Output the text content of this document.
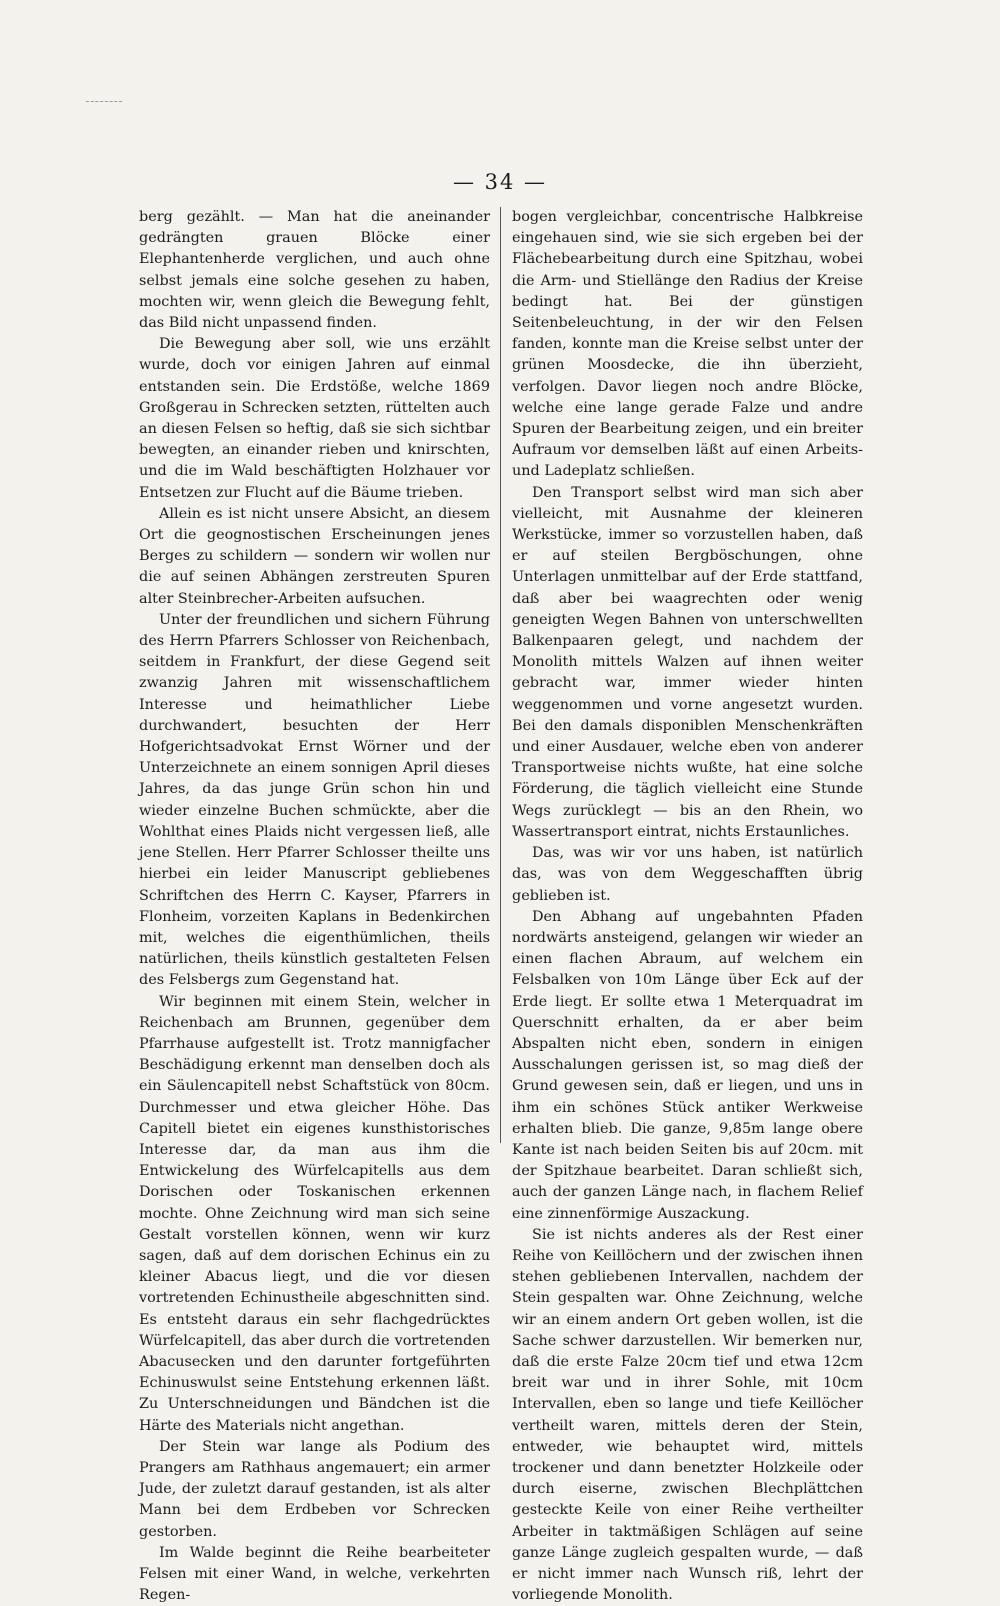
— 34 —

berg gezählt. — Man hat die aneinander gedrängten grauen Blöcke einer Elephantenherde verglichen, und auch ohne selbst jemals eine solche gesehen zu haben, mochten wir, wenn gleich die Bewegung fehlt, das Bild nicht unpassend finden.

Die Bewegung aber soll, wie uns erzählt wurde, doch vor einigen Jahren auf einmal entstanden sein. Die Erdstöße, welche 1869 Großgerau in Schrecken setzten, rüttelten auch an diesen Felsen so heftig, daß sie sich sichtbar bewegten, an einander rieben und knirschten, und die im Wald beschäftigten Holzhauer vor Entsetzen zur Flucht auf die Bäume trieben.

Allein es ist nicht unsere Absicht, an diesem Ort die geognostischen Erscheinungen jenes Berges zu schildern — sondern wir wollen nur die auf seinen Abhängen zerstreuten Spuren alter Steinbrecher-Arbeiten aufsuchen.

Unter der freundlichen und sichern Führung des Herrn Pfarrers Schlosser von Reichenbach, seitdem in Frankfurt, der diese Gegend seit zwanzig Jahren mit wissenschaftlichem Interesse und heimathlicher Liebe durchwandert, besuchten der Herr Hofgerichtsadvokat Ernst Wörner und der Unterzeichnete an einem sonnigen April dieses Jahres, da das junge Grün schon hin und wieder einzelne Buchen schmückte, aber die Wohlthat eines Plaids nicht vergessen ließ, alle jene Stellen. Herr Pfarrer Schlosser theilte uns hierbei ein leider Manuscript gebliebenes Schriftchen des Herrn C. Kayser, Pfarrers in Flonheim, vorzeiten Kaplans in Bedenkirchen mit, welches die eigenthümlichen, theils natürlichen, theils künstlich gestalteten Felsen des Felsbergs zum Gegenstand hat.

Wir beginnen mit einem Stein, welcher in Reichenbach am Brunnen, gegenüber dem Pfarrhause aufgestellt ist. Trotz mannigfacher Beschädigung erkennt man denselben doch als ein Säulencapitell nebst Schaftstück von 80cm. Durchmesser und etwa gleicher Höhe. Das Capitell bietet ein eigenes kunsthistorisches Interesse dar, da man aus ihm die Entwickelung des Würfelcapitells aus dem Dorischen oder Toskanischen erkennen mochte. Ohne Zeichnung wird man sich seine Gestalt vorstellen können, wenn wir kurz sagen, daß auf dem dorischen Echinus ein zu kleiner Abacus liegt, und die vor diesen vortretenden Echinustheile abgeschnitten sind. Es entsteht daraus ein sehr flachgedrücktes Würfelcapitell, das aber durch die vortretenden Abacusecken und den darunter fortgeführten Echinuswulst seine Entstehung erkennen läßt. Zu Unterschneidungen und Bändchen ist die Härte des Materials nicht angethan.

Der Stein war lange als Podium des Prangers am Rathhaus angemauert; ein armer Jude, der zuletzt darauf gestanden, ist als alter Mann bei dem Erdbeben vor Schrecken gestorben.

Im Walde beginnt die Reihe bearbeiteter Felsen mit einer Wand, in welche, verkehrten Regen-

bogen vergleichbar, concentrische Halbkreise eingehauen sind, wie sie sich ergeben bei der Flächebearbeitung durch eine Spitzhau, wobei die Arm- und Stiellänge den Radius der Kreise bedingt hat. Bei der günstigen Seitenbeleuchtung, in der wir den Felsen fanden, konnte man die Kreise selbst unter der grünen Moosdecke, die ihn überzieht, verfolgen. Davor liegen noch andre Blöcke, welche eine lange gerade Falze und andre Spuren der Bearbeitung zeigen, und ein breiter Aufraum vor demselben läßt auf einen Arbeits- und Ladeplatz schließen.

Den Transport selbst wird man sich aber vielleicht, mit Ausnahme der kleineren Werkstücke, immer so vorzustellen haben, daß er auf steilen Bergböschungen, ohne Unterlagen unmittelbar auf der Erde stattfand, daß aber bei waagrechten oder wenig geneigten Wegen Bahnen von unterschwellten Balkenpaaren gelegt, und nachdem der Monolith mittels Walzen auf ihnen weiter gebracht war, immer wieder hinten weggenommen und vorne angesetzt wurden. Bei den damals disponiblen Menschenkräften und einer Ausdauer, welche eben von anderer Transportweise nichts wußte, hat eine solche Förderung, die täglich vielleicht eine Stunde Wegs zurücklegt — bis an den Rhein, wo Wassertransport eintrat, nichts Erstaunliches.

Das, was wir vor uns haben, ist natürlich das, was von dem Weggeschafften übrig geblieben ist.

Den Abhang auf ungebahnten Pfaden nordwärts ansteigend, gelangen wir wieder an einen flachen Abraum, auf welchem ein Felsbalken von 10m Länge über Eck auf der Erde liegt. Er sollte etwa 1 Meterquadrat im Querschnitt erhalten, da er aber beim Abspalten nicht eben, sondern in einigen Ausschalungen gerissen ist, so mag dieß der Grund gewesen sein, daß er liegen, und uns in ihm ein schönes Stück antiker Werkweise erhalten blieb. Die ganze, 9,85m lange obere Kante ist nach beiden Seiten bis auf 20cm. mit der Spitzhaue bearbeitet. Daran schließt sich, auch der ganzen Länge nach, in flachem Relief eine zinnenförmige Auszackung.

Sie ist nichts anderes als der Rest einer Reihe von Keillöchern und der zwischen ihnen stehen gebliebenen Intervallen, nachdem der Stein gespalten war. Ohne Zeichnung, welche wir an einem andern Ort geben wollen, ist die Sache schwer darzustellen. Wir bemerken nur, daß die erste Falze 20cm tief und etwa 12cm breit war und in ihrer Sohle, mit 10cm Intervallen, eben so lange und tiefe Keillöcher vertheilt waren, mittels deren der Stein, entweder, wie behauptet wird, mittels trockener und dann benetzter Holzkeile oder durch eiserne, zwischen Blechplättchen gesteckte Keile von einer Reihe vertheilter Arbeiter in taktmäßigen Schlägen auf seine ganze Länge zugleich gespalten wurde, — daß er nicht immer nach Wunsch riß, lehrt der vorliegende Monolith.
